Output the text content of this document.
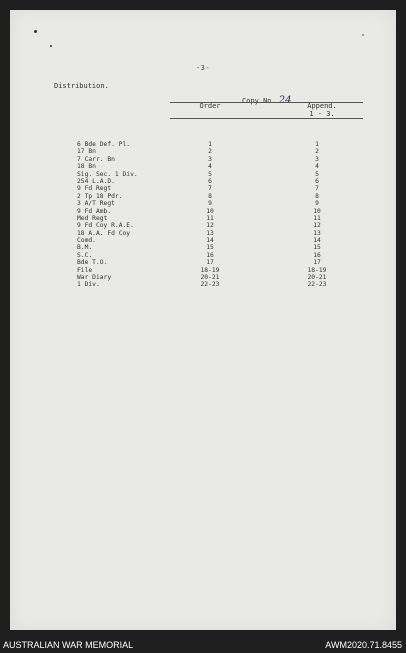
-3-
Distribution.
Copy No. 24
Order	Append.
1 - 3.
6 Bde Def. Pl.	1	1
17 Bn	2	2
7 Carr. Bn	3	3
18 Bn	4	4
Sig. Sec. 1 Div.	5	5
254 L.A.D.	6	6
9 Fd Regt	7	7
2 Tp 18 Pdr.	8	8
3 A/T Regt	9	9
9 Fd Amb.	10	10
Med Regt	11	11
9 Fd Coy R.A.E.	12	12
18 A.A. Fd Coy	13	13
Comd.	14	14
B.M.	15	15
S.C.	16	16
Bde T.O.	17	17
File	18-19	18-19
War Diary	20-21	20-21
1 Div.	22-23	22-23
AUSTRALIAN WAR MEMORIAL	AWM2020.71.8455
